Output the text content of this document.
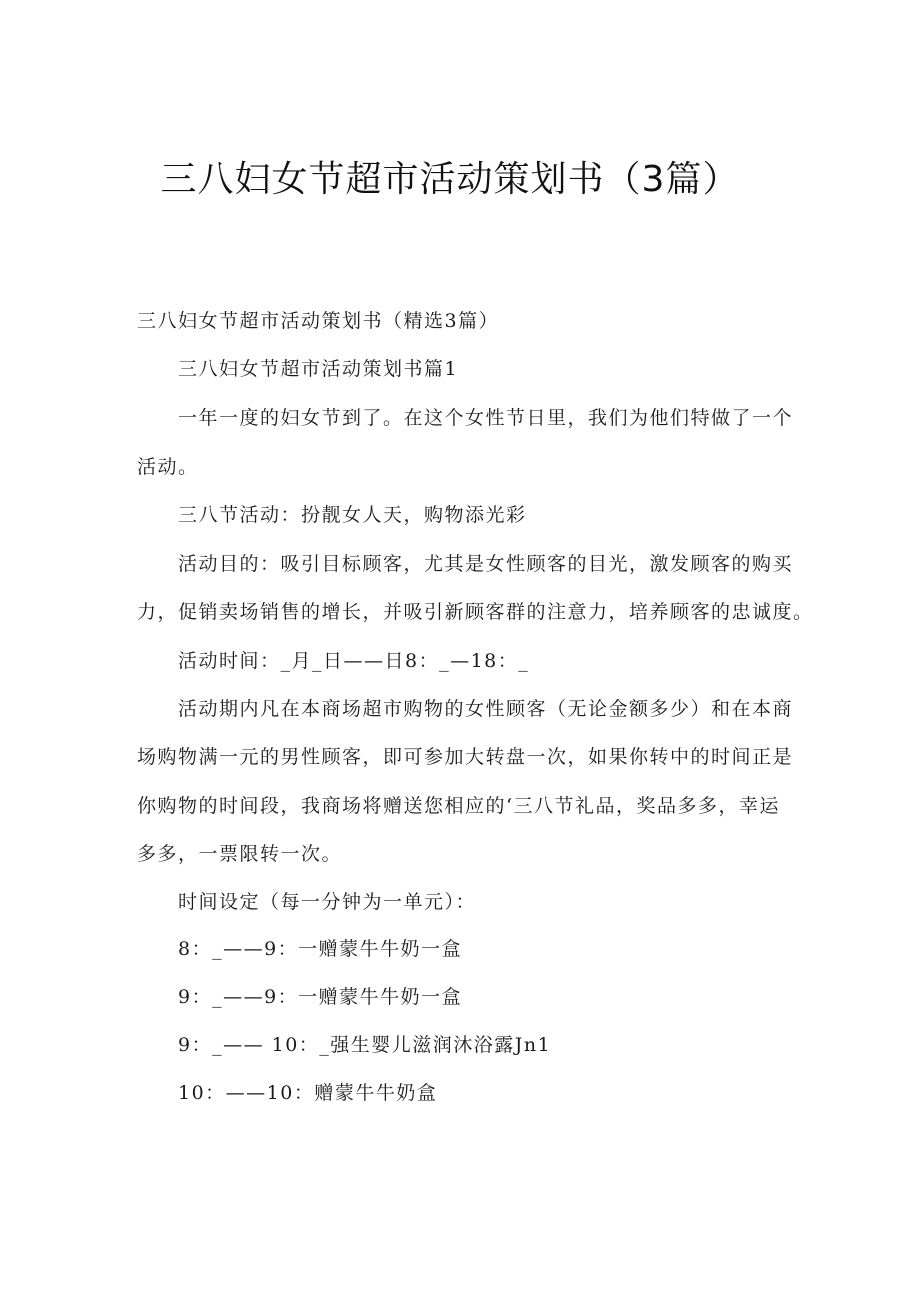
三八妇女节超市活动策划书（3篇）
三八妇女节超市活动策划书（精选3篇）
三八妇女节超市活动策划书篇1
一年一度的妇女节到了。在这个女性节日里，我们为他们特做了一个
活动。
三八节活动：扮靓女人天，购物添光彩
活动目的：吸引目标顾客，尤其是女性顾客的目光，激发顾客的购买
力，促销卖场销售的增长，并吸引新顾客群的注意力，培养顾客的忠诚度。
活动时间：_月_日——日8：_—18：_
活动期内凡在本商场超市购物的女性顾客（无论金额多少）和在本商
场购物满一元的男性顾客，即可参加大转盘一次，如果你转中的时间正是
你购物的时间段，我商场将赠送您相应的‘三八节礼品，奖品多多，幸运
多多，一票限转一次。
时间设定（每一分钟为一单元）：
8：_——9：一赠蒙牛牛奶一盒
9：_——9：一赠蒙牛牛奶一盒
9：_—— 10：_强生婴儿滋润沐浴露Jn1
10：——10：赠蒙牛牛奶盒
